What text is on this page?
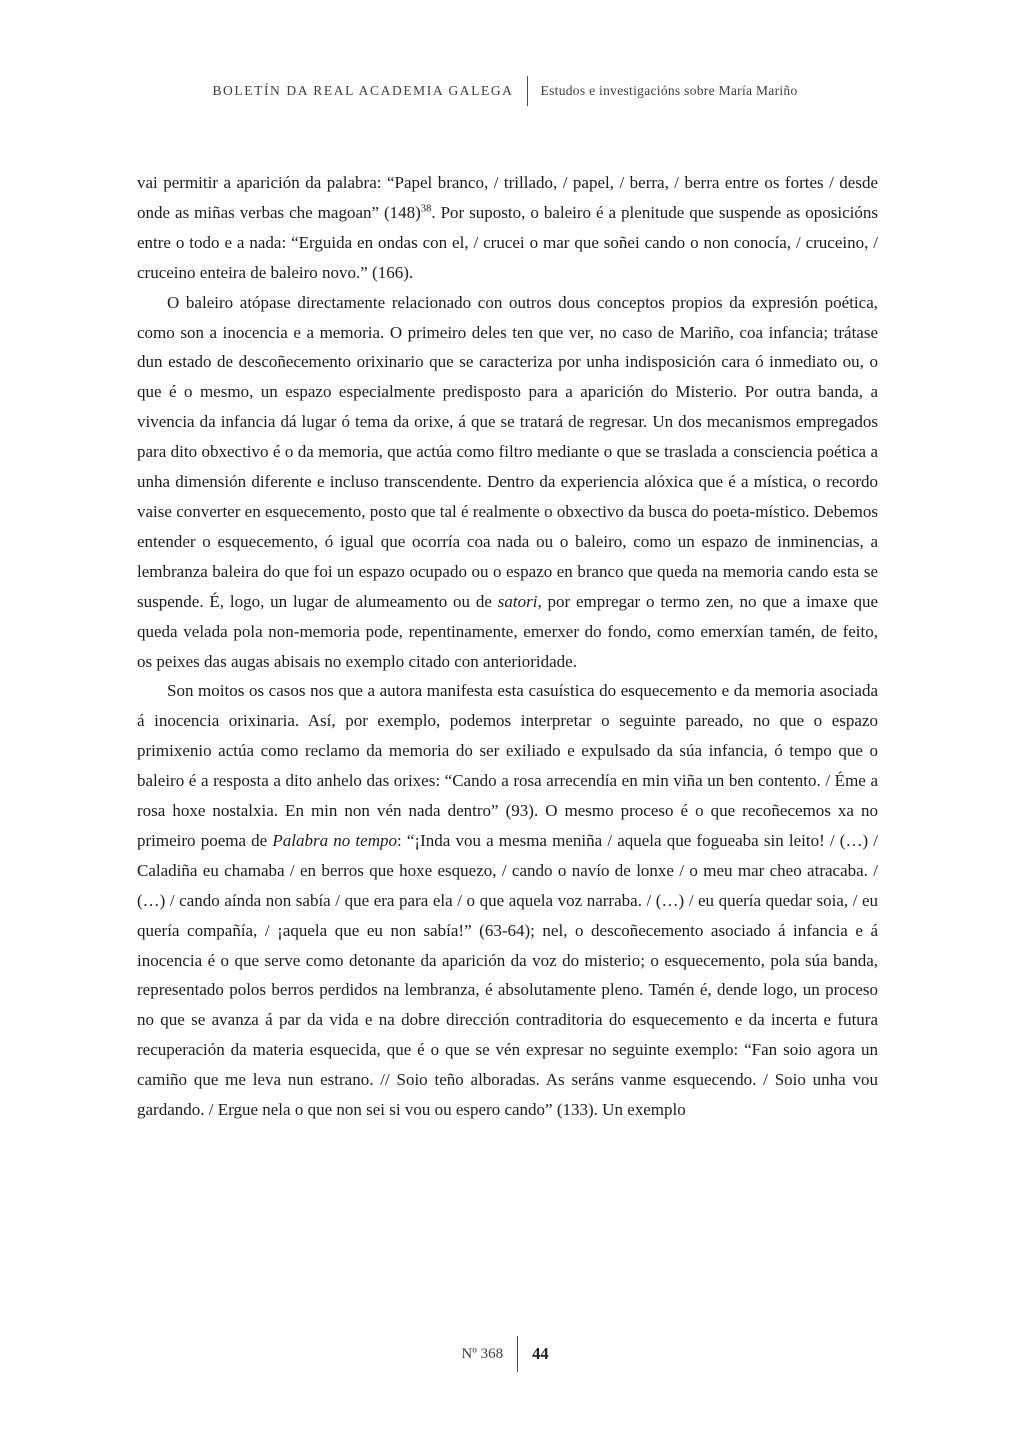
BOLETÍN DA REAL ACADEMIA GALEGA Estudos e investigacións sobre María Mariño

vai permitir a aparición da palabra: “Papel branco, / trillado, / papel, / berra, / berra entre os fortes / desde onde as miñas verbas che magoan” $(148)^{38}$. Por suposto, o baleiro é a plenitude que suspende as oposicións entre o todo e a nada: “Erguida en ondas con el, / crucei o mar que soñei cando o non conocía, / cruceino, / cruceino enteira de baleiro novo.” (166).

O baleiro atópase directamente relacionado con outros dous conceptos propios da expresión poética, como son a inocencia e a memoria. O primeiro deles ten que ver, no caso de Mariño, coa infancia; trátase dun estado de descoñecemento orixinario que se caracteriza por unha indisposición cara ó inmediato ou, o que é o mesmo, un espazo especialmente predisposto para a aparición do Misterio. Por outra banda, a vivencia da infancia dá lugar ó tema da orixe, á que se tratará de regresar. Un dos mecanismos empregados para dito obxectivo é o da memoria, que actúa como filtro mediante o que se traslada a consciencia poética a unha dimensión diferente e incluso transcendente. Dentro da experiencia alóxica que é a mística, o recordo vaise converter en esquecemento, posto que tal é realmente o obxectivo da busca do poeta-místico. Debemos entender o esquecemento, ó igual que ocorría coa nada ou o baleiro, como un espazo de inminencias, a lembranza baleira do que foi un espazo ocupado ou o espazo en branco que queda na memoria cando esta se suspende. É, logo, un lugar de alumeamento ou de satori, por empregar o termo zen, no que a imaxe que queda velada pola non-memoria pode, repentinamente, emerxer do fondo, como emerxían tamén, de feito, os peixes das augas abisais no exemplo citado con anterioridade.

Son moitos os casos nos que a autora manifesta esta casuística do esquecemento e da memoria asociada á inocencia orixinaria. Así, por exemplo, podemos interpretar o seguinte pareado, no que o espazo primixenio actúa como reclamo da memoria do ser exiliado e expulsado da súa infancia, ó tempo que o baleiro é a resposta a dito anhelo das orixes: “Cando a rosa arrecendía en min viña un ben contento. / Éme a rosa hoxe nostalxia. En min non vén nada dentro” (93). O mesmo proceso é o que recoñecemos xa no primeiro poema de Palabra no tempo: “¡Inda vou a mesma meniña / aquela que fogueaba sin leito! / (…) / Caladiña eu chamaba / en berros que hoxe esquezo, / cando o navío de lonxe / o meu mar cheo atracaba. / (…) / cando aínda non sabía / que era para ela / o que aquela voz narraba. / (…) / eu quería quedar soia, / eu quería compañía, / ¡aquela que eu non sabía!” (63-64); nel, o descoñecemento asociado á infancia e á inocencia é o que serve como detonante da aparición da voz do misterio; o esquecemento, pola súa banda, representado polos berros perdidos na lembranza, é absolutamente pleno. Tamén é, dende logo, un proceso no que se avanza á par da vida e na dobre dirección contraditoria do esquecemento e da incerta e futura recuperación da materia esquecida, que é o que se vén expresar no seguinte exemplo: “Fan soio agora un camiño que me leva nun estrano. // Soio teño alboradas. As seráns vanme esquecendo. / Soio unha vou gardando. / Ergue nela o que non sei si vou ou espero cando” (133). Un exemplo

Nº 368 44
